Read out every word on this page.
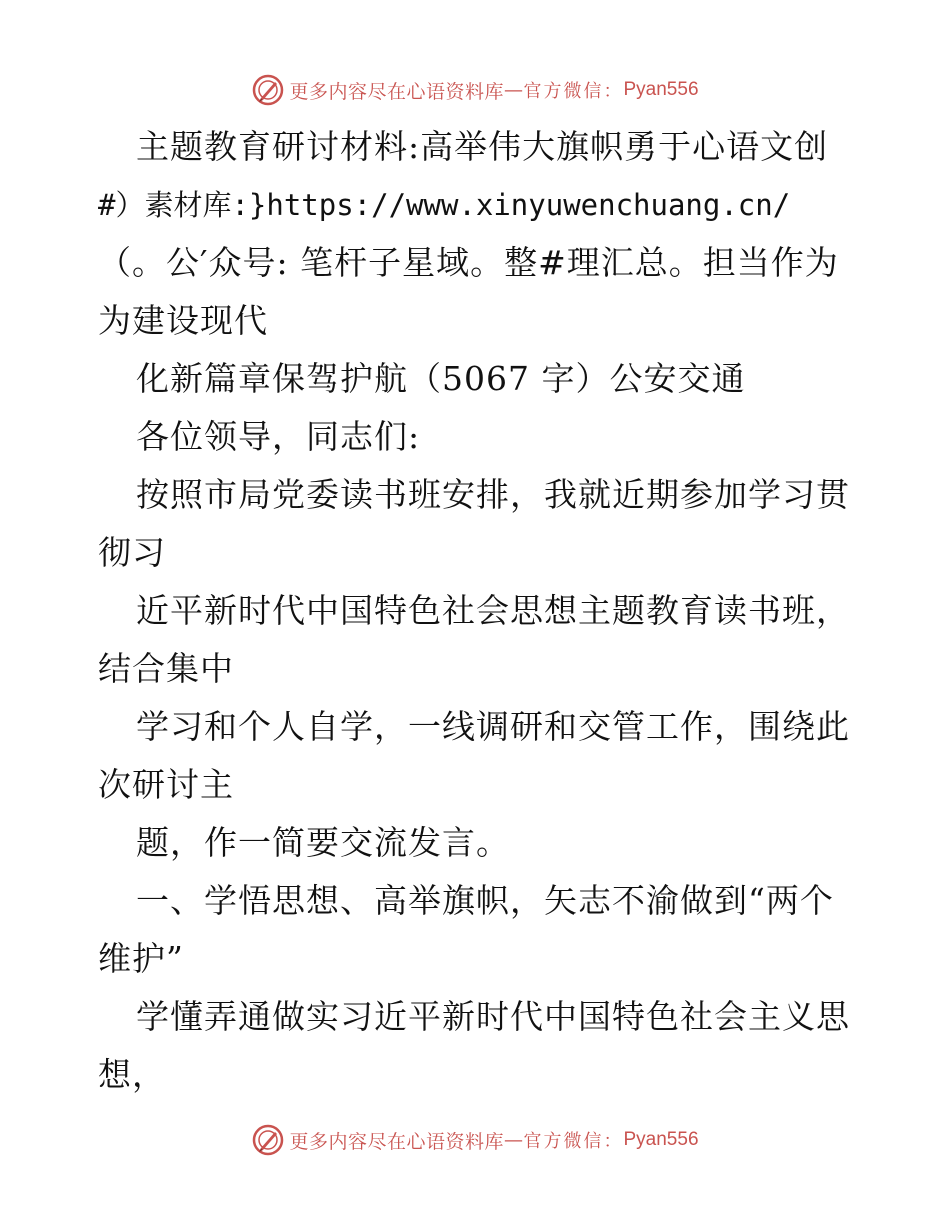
更多内容尽在心语资料库 — 官方微信： Pyan556
主题教育研讨材料:高举伟大旗帜勇于心语文创
#）素材库:}https://www.xinyuwenchuang.cn/
（。公′众号: 笔杆子星域。整#理汇总。担当作为
为建设现代
化新篇章保驾护航（5067 字）公安交通
各位领导，同志们:
按照市局党委读书班安排，我就近期参加学习贯
彻习
近平新时代中国特色社会思想主题教育读书班，
结合集中
学习和个人自学，一线调研和交管工作，围绕此
次研讨主
题，作一简要交流发言。
一、学悟思想、高举旗帜，矢志不渝做到“两个
维护”
学懂弄通做实习近平新时代中国特色社会主义思
想，
更多内容尽在心语资料库 — 官方微信： Pyan556
